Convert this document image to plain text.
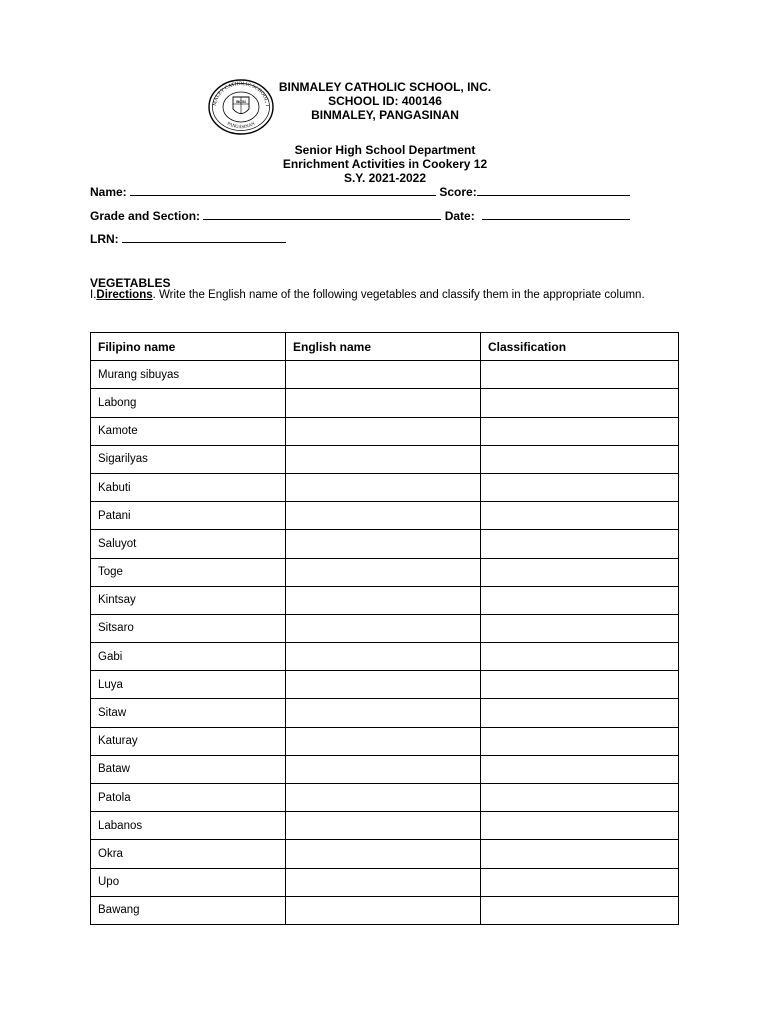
MALEY CATHOLIC SCHOOL, I
PANGASINAN
BCSI
BINMALEY CATHOLIC SCHOOL, INC.
SCHOOL ID: 400146
BINMALEY, PANGASINAN
Senior High School Department
Enrichment Activities in Cookery 12
S.Y. 2021-2022
Name:	Score:
Grade and Section:	Date:
LRN:
VEGETABLES
I.Directions. Write the English name of the following vegetables and classify them in the appropriate column.
Filipino name	English name	Classification
Murang sibuyas		
Labong		
Kamote		
Sigarilyas		
Kabuti		
Patani		
Saluyot		
Toge		
Kintsay		
Sitsaro		
Gabi		
Luya		
Sitaw		
Katuray		
Bataw		
Patola		
Labanos		
Okra		
Upo		
Bawang		
